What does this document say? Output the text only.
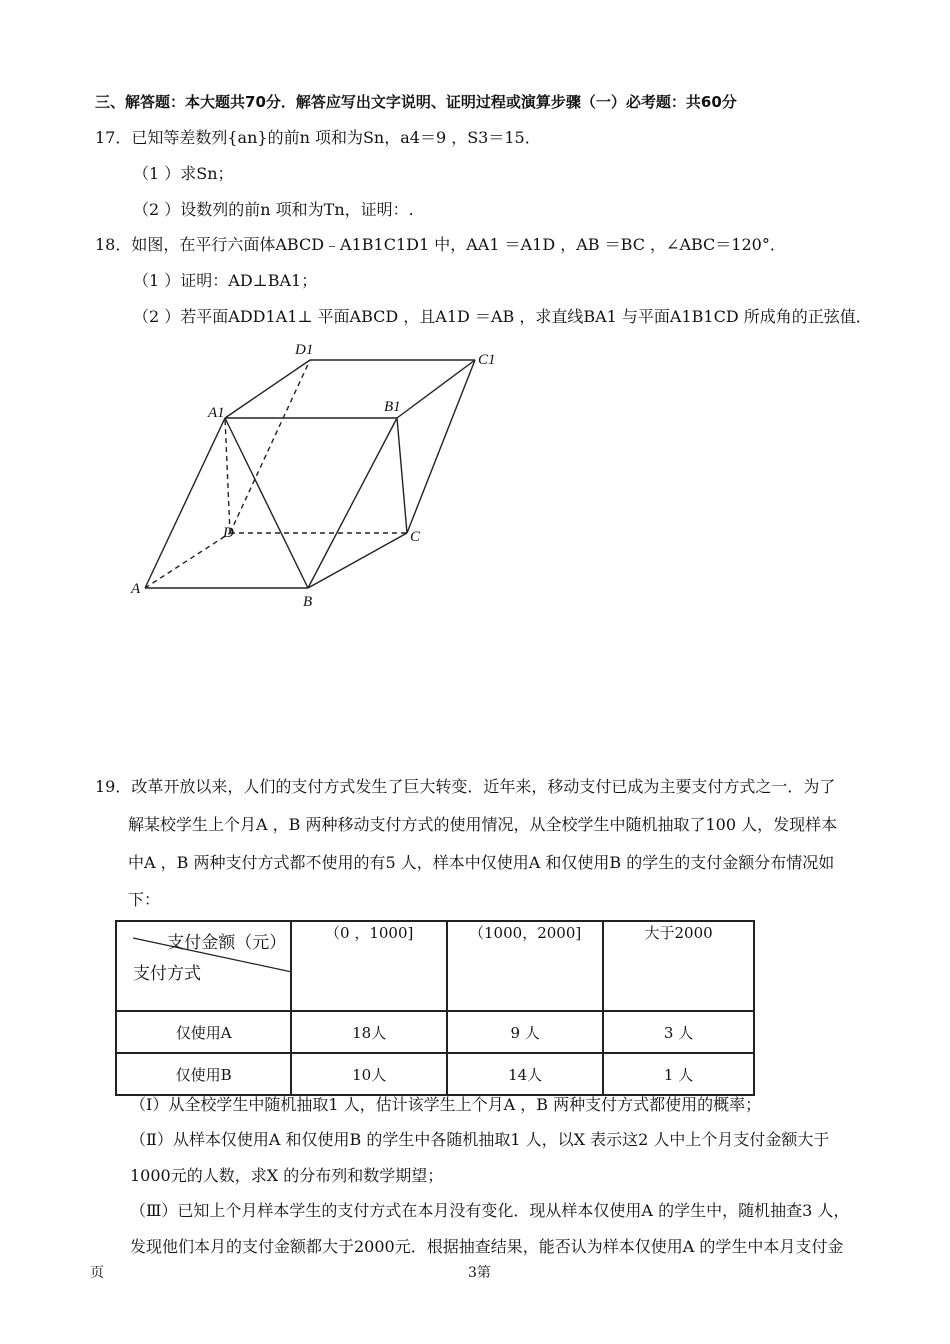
三、解答题：本大题共70分．解答应写出文字说明、证明过程或演算步骤（一）必考题：共60分
17．已知等差数列{an}的前n 项和为Sn，a4＝9 ，S3＝15．
（1 ）求Sn；
（2 ）设数列的前n 项和为Tn，证明：.
18．如图，在平行六面体ABCD﹣A1B1C1D1 中，AA1 ＝A1D ，AB ＝BC ，∠ABC＝120°．
（1 ）证明：AD⊥BA1；
（2 ）若平面ADD1A1⊥ 平面ABCD ，且A1D ＝AB ，求直线BA1 与平面A1B1CD 所成角的正弦值．
D1
C1
A1	B1
D	C
A
B
19．改革开放以来，人们的支付方式发生了巨大转变．近年来，移动支付已成为主要支付方式之一．为了
解某校学生上个月A ，B 两种移动支付方式的使用情况，从全校学生中随机抽取了100 人，发现样本
中A ，B 两种支付方式都不使用的有5 人，样本中仅使用A 和仅使用B 的学生的支付金额分布情况如
下：
支付金额（元）
支付方式	（0 ，1000]	（1000，2000]	大于2000
仅使用A	18人	9 人	3 人
仅使用B	10人	14人	1 人
（Ⅰ）从全校学生中随机抽取1 人，估计该学生上个月A ，B 两种支付方式都使用的概率；
（Ⅱ）从样本仅使用A 和仅使用B 的学生中各随机抽取1 人，以X 表示这2 人中上个月支付金额大于
1000元的人数，求X 的分布列和数学期望；
（Ⅲ）已知上个月样本学生的支付方式在本月没有变化．现从样本仅使用A 的学生中，随机抽查3 人，
发现他们本月的支付金额都大于2000元．根据抽查结果，能否认为样本仅使用A 的学生中本月支付金
页	3第
